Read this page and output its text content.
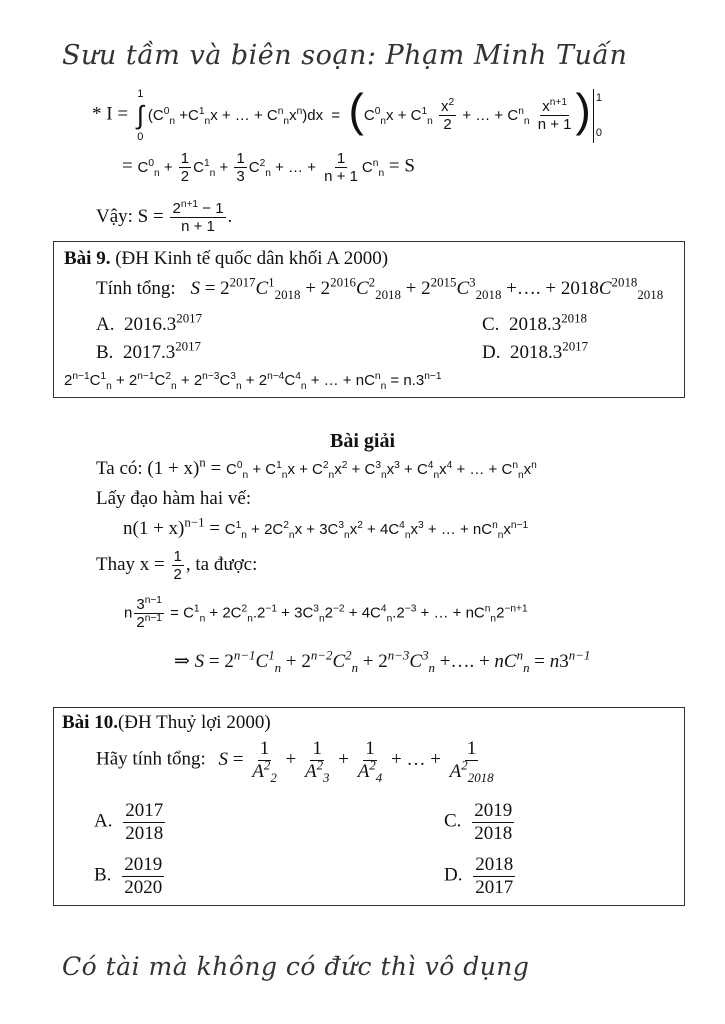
Sưu tầm và biên soạn: Phạm Minh Tuấn
* I =
1
∫
0
($C^0_n +C^1_nx$ + … + $C^n_nx^n)dx = (C^0_nx + C^1_n \frac{x^2}{2}$ + … + $C^n_n \frac{x^{n+1}}{n + 1}$ ) 1
0
= $C^0_n + \frac{1}{2} C^1_n + \frac{1}{3} C^2_n$ + … + $\frac{1}{n + 1} C^n_n = S$
Vậy: $S = \frac{2^{n+1} - 1}{n + 1}$ .
Bài 9. (ĐH Kinh tế quốc dân khối A 2000)
Tính tổng: $S = 2^{2017}C^1_{2018} + 2^{2016}C^2_{2018} + 2^{2015}C^3_{2018}$ +…. + $2018C^{2018}_{2018}$
A. $2016.3^{2017}$	C. $2018.3^{2018}$
B. $2017.3^{2017}$	D. $2018.3^{2017}$
$2^{n-1}C^1_n + 2^{n-1}C^2_n + 2^{n-3}C^3_n + 2^{n-4}C^4_n$ + … + $nC^n_n = n.3^{n-1}$
Bài giải
Ta có: $(1 + x)^n = C^0_n + C^1_nx + C^2_nx^2 + C^3_nx^3 + C^4_nx^4$ + … + $C^n_nx^n$
Lấy đạo hàm hai vế:
$n(1 + x)^{n-1} = C^1_n + 2C^2_nx + 3C^3_nx^2 + 4C^4_nx^3$ + … + $nC^n_nx^{n-1}$
Thay $x = \frac{1}{2}$ , ta được:
n $\frac{3^{n-1}}{2^{n-1}} = C^1_n + 2C^2_n.2^{-1} + 3C^3_n2^{-2} + 4C^4_n.2^{-3}$ + … + $nC^n_n2^{-n+1}$
⇒ $S = 2^{n-1}C^1_n + 2^{n-2}C^2_n + 2^{n-3}C^3_n$ +…. + $nC^n_n = n3^{n-1}$
Bài 10.(ĐH Thuỷ lợi 2000)
Hãy tính tổng: $S = \frac{1}{A^2_2} + \frac{1}{A^2_3} + \frac{1}{A^2_4}$ + … + $\frac{1}{A^2_{2018}}$
A. $\frac{2017}{2018}$	C. $\frac{2019}{2018}$
B. $\frac{2019}{2020}$	D. $\frac{2018}{2017}$
Có tài mà không có đức thì vô dụng
